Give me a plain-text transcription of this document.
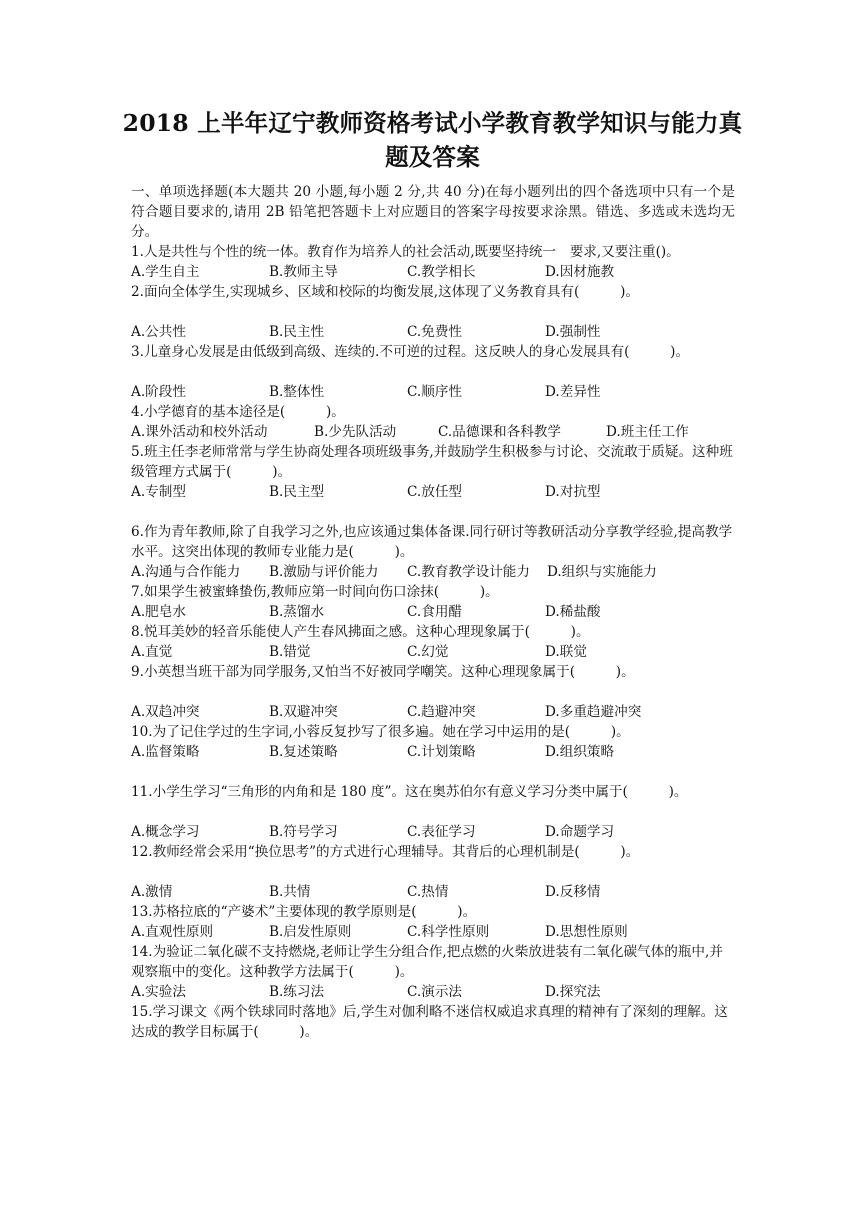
2018 上半年辽宁教师资格考试小学教育教学知识与能力真
题及答案

一、单项选择题(本大题共 20 小题,每小题 2 分,共 40 分)在每小题列出的四个备选项中只有一个是符合题目要求的,请用 2B 铅笔把答题卡上对应题目的答案字母按要求涂黑。错选、多选或未选均无分。

1.人是共性与个性的统一体。教育作为培养人的社会活动,既要坚持统一　要求,又要注重()。

A.学生自主	B.教师主导	C.教学相长	D.因材施教

2.面向全体学生,实现城乡、区域和校际的均衡发展,这体现了义务教育具有(　　　)。

A.公共性	B.民主性	C.免费性	D.强制性

3.儿童身心发展是由低级到高级、连续的.不可逆的过程。这反映人的身心发展具有(　　　)。

A.阶段性	B.整体性	C.顺序性	D.差异性

4.小学德育的基本途径是(　　　)。

A.课外活动和校外活动	B.少先队活动	C.品德课和各科教学	D.班主任工作

5.班主任李老师常常与学生协商处理各项班级事务,并鼓励学生积极参与讨论、交流敢于质疑。这种班级管理方式属于(　　　)。

A.专制型	B.民主型	C.放任型	D.对抗型

6.作为青年教师,除了自我学习之外,也应该通过集体备课.同行研讨等教研活动分享教学经验,提高教学水平。这突出体现的教师专业能力是(　　　)。

A.沟通与合作能力	B.激励与评价能力	C.教育教学设计能力	D.组织与实施能力

7.如果学生被蜜蜂蛰伤,教师应第一时间向伤口涂抹(　　　)。

A.肥皂水	B.蒸馏水	C.食用醋	D.稀盐酸

8.悦耳美妙的轻音乐能使人产生春风拂面之感。这种心理现象属于(　　　)。

A.直觉	B.错觉	C.幻觉	D.联觉

9.小英想当班干部为同学服务,又怕当不好被同学嘲笑。这种心理现象属于(　　　)。

A.双趋冲突	B.双避冲突	C.趋避冲突	D.多重趋避冲突

10.为了记住学过的生字词,小蓉反复抄写了很多遍。她在学习中运用的是(　　　)。

A.监督策略	B.复述策略	C.计划策略	D.组织策略

11.小学生学习“三角形的内角和是 180 度”。这在奥苏伯尔有意义学习分类中属于(　　　)。

A.概念学习	B.符号学习	C.表征学习	D.命题学习

12.教师经常会采用“换位思考”的方式进行心理辅导。其背后的心理机制是(　　　)。

A.激情	B.共情	C.热情	D.反移情

13.苏格拉底的“产婆术”主要体现的教学原则是(　　　)。

A.直观性原则	B.启发性原则	C.科学性原则	D.思想性原则

14.为验证二氧化碳不支持燃烧,老师让学生分组合作,把点燃的火柴放进装有二氧化碳气体的瓶中,并观察瓶中的变化。这种教学方法属于(　　　)。

A.实验法	B.练习法	C.演示法	D.探究法

15.学习课文《两个铁球同时落地》后,学生对伽利略不迷信权威追求真理的精神有了深刻的理解。这达成的教学目标属于(　　　)。
